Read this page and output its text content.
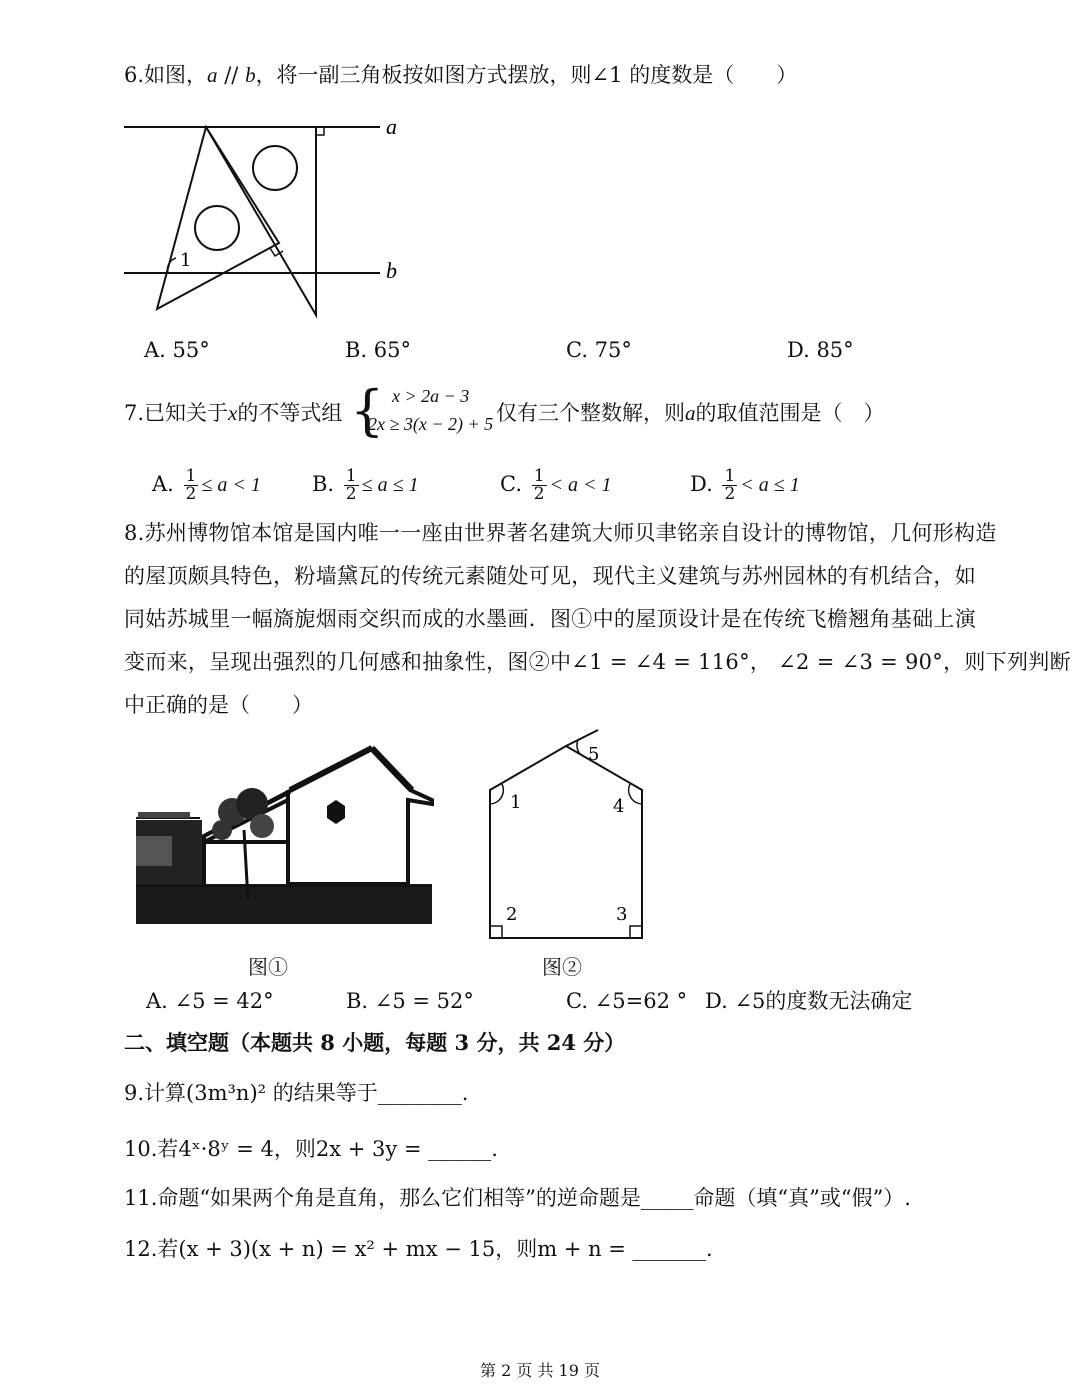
6.如图，a // b，将一副三角板按如图方式摆放，则∠1 的度数是（　　）
1
a
b
A. 55°	B. 65°	C. 75°	D. 85°
7.已知关于x的不等式组 { x > 2a − 3
2x ≥ 3(x − 2) + 5 仅有三个整数解，则a的取值范围是（　）
A. $\frac{1}{2} \le a < 1$ B. $\frac{1}{2} \le a \le 1$	C. $\frac{1}{2} < a < 1$	D. $\frac{1}{2} < a \le 1$
8.苏州博物馆本馆是国内唯一一座由世界著名建筑大师贝聿铭亲自设计的博物馆，几何形构造
的屋顶颇具特色，粉墙黛瓦的传统元素随处可见，现代主义建筑与苏州园林的有机结合，如
同姑苏城里一幅旖旎烟雨交织而成的水墨画．图①中的屋顶设计是在传统飞檐翘角基础上演
变而来，呈现出强烈的几何感和抽象性，图②中∠1 = ∠4 = 116°， ∠2 = ∠3 = 90°，则下列判断
中正确的是（　　）
1
2	3
4
5
图①	图②
A. ∠5 = 42°	B. ∠5 = 52°	C. ∠5=62 ° D. ∠5的度数无法确定
二、填空题（本题共 8 小题，每题 3 分，共 24 分）
9.计算(3m³n)² 的结果等于________.
10.若4ˣ·8ʸ = 4，则2x + 3y = ______.
11.命题“如果两个角是直角，那么它们相等”的逆命题是_____命题（填“真”或“假”）.
12.若(x + 3)(x + n) = x² + mx − 15，则m + n = _______.
第 2 页 共 19 页
